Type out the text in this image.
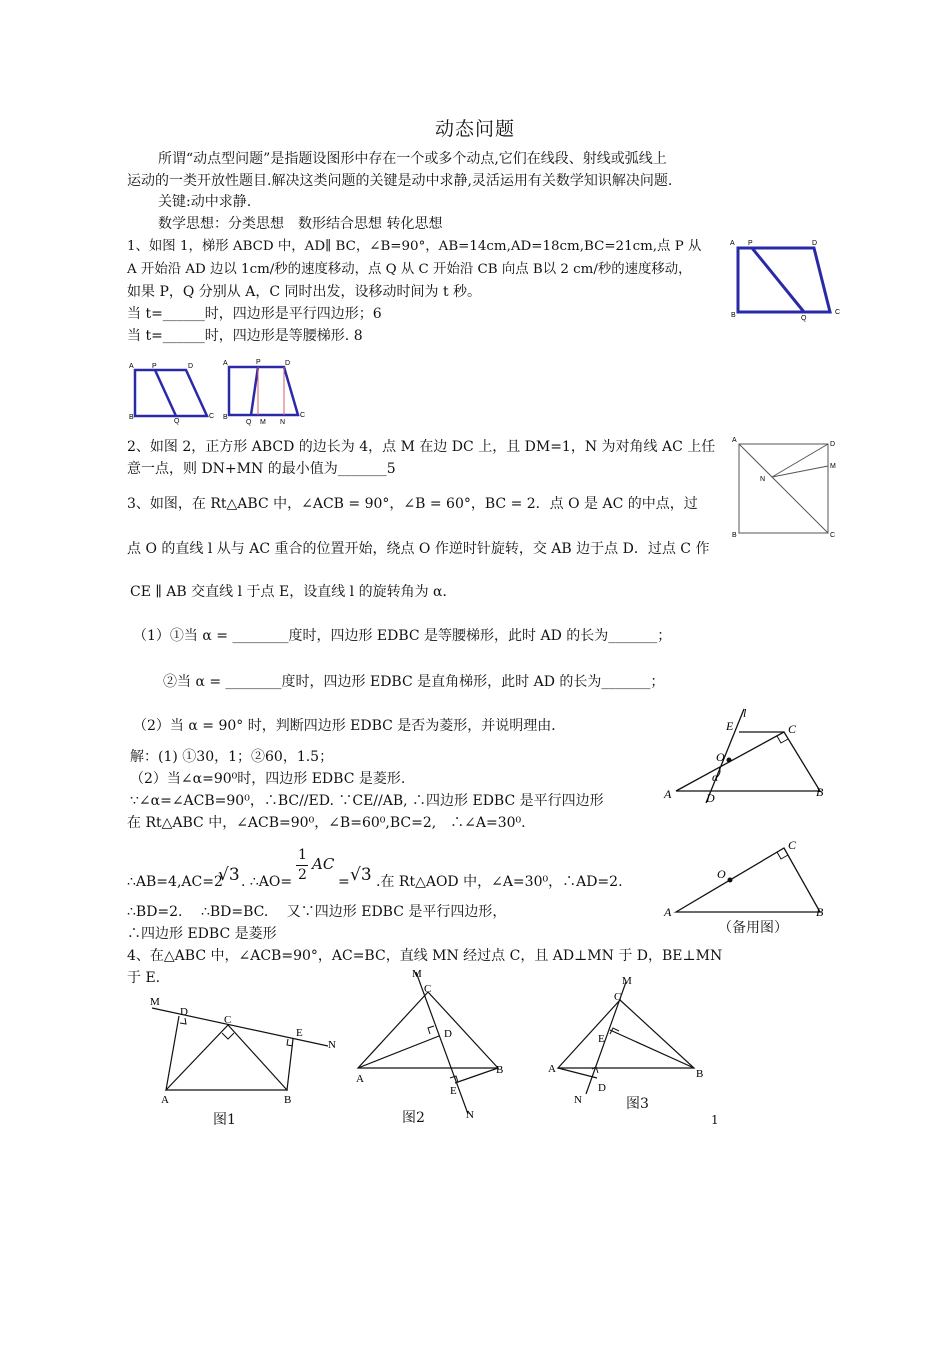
动态问题
所谓“动点型问题”是指题设图形中存在一个或多个动点,它们在线段、射线或弧线上
运动的一类开放性题目.解决这类问题的关键是动中求静,灵活运用有关数学知识解决问题.
关键:动中求静.
数学思想：分类思想　数形结合思想 转化思想
1、如图 1，梯形 ABCD 中，AD∥ BC，∠B=90°，AB=14cm,AD=18cm,BC=21cm,点 P 从
A 开始沿 AD 边以 1cm/秒的速度移动，点 Q 从 C 开始沿 CB 向点 B以 2 cm/秒的速度移动，
如果 P，Q 分别从 A，C 同时出发，设移动时间为 t 秒。
当 t=______时，四边形是平行四边形；6
当 t=______时，四边形是等腰梯形. 8
A P	D
B	Q
C
A	P	D
B
Q
C
A	P	D
B
Q M N
C
2、如图 2，正方形 ABCD 的边长为 4，点 M 在边 DC 上，且 DM=1，N 为对角线 AC 上任
意一点，则 DN+MN 的最小值为_______5
A
D
M
N
B	C
3、如图，在 Rt△ABC 中，∠ACB = 90°，∠B = 60°，BC = 2．点 O 是 AC 的中点，过
点 O 的直线 l 从与 AC 重合的位置开始，绕点 O 作逆时针旋转，交 AB 边于点 D．过点 C 作
CE ∥ AB 交直线 l 于点 E，设直线 l 的旋转角为 α．
（1）①当 α = ________度时，四边形 EDBC 是等腰梯形，此时 AD 的长为_______；
②当 α = ________度时，四边形 EDBC 是直角梯形，此时 AD 的长为_______；
（2）当 α = 90° 时，判断四边形 EDBC 是否为菱形，并说明理由．
解：(1) ①30，1；②60，1.5；
（2）当∠α=90⁰时，四边形 EDBC 是菱形.
∵∠α=∠ACB=90⁰，∴BC//ED. ∵CE//AB, ∴四边形 EDBC 是平行四边形
在 Rt△ABC 中，∠ACB=90⁰，∠B=60⁰,BC=2,　∴∠A=30⁰.
∴AB=4,AC=2
√3 . ∴AO=
1
2
AC
= √3 .在 Rt△AOD 中，∠A=30⁰，∴AD=2.
∴BD=2.　 ∴BD=BC.　 又∵四边形 EDBC 是平行四边形，
∴四边形 EDBC 是菱形
E
l
C
O
α
A	D	B
C
O
A	B
（备用图）
4、在△ABC 中，∠ACB=90°，AC=BC，直线 MN 经过点 C，且 AD⊥MN 于 D，BE⊥MN
于 E.
M
D
C
E
N
A	B
图1
M
C
D
A
B
E
N
图2
M
C
E
A	B
D
N	图3
1
